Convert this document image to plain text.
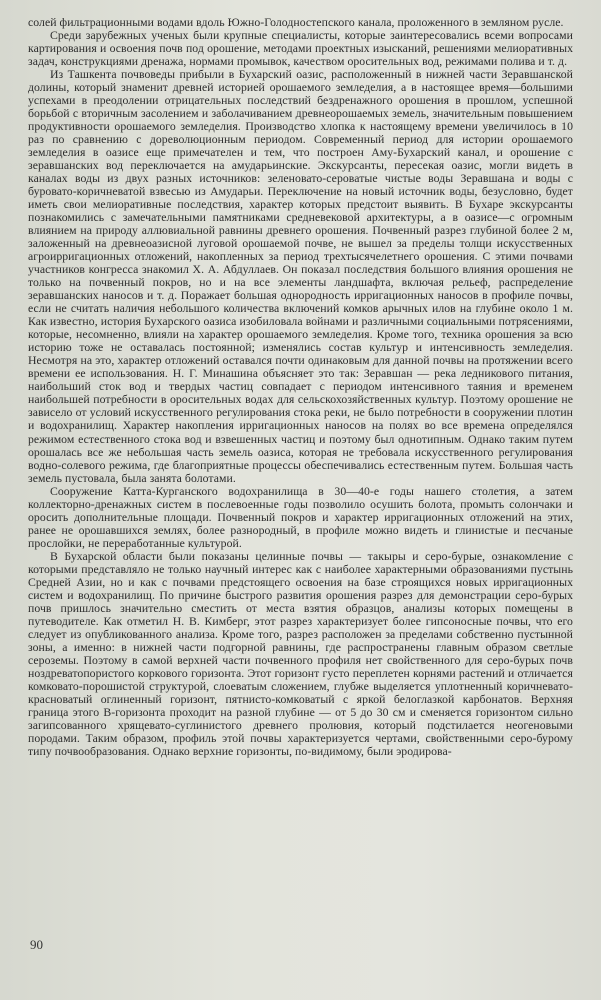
солей фильтрационными водами вдоль Южно-Голодностепского канала, проложенного в земляном русле.

Среди зарубежных ученых были крупные специалисты, которые заинтересовались всеми вопросами картирования и освоения почв под орошение, методами проектных изысканий, решениями мелиоративных задач, конструкциями дренажа, нормами промывок, качеством оросительных вод, режимами полива и т. д.

Из Ташкента почвоведы прибыли в Бухарский оазис, расположенный в нижней части Зеравшанской долины, который знаменит древней историей орошаемого земледелия, а в настоящее время—большими успехами в преодолении отрицательных последствий бездренажного орошения в прошлом, успешной борьбой с вторичным засолением и заболачиванием древнеорошаемых земель, значительным повышением продуктивности орошаемого земледелия. Производство хлопка к настоящему времени увеличилось в 10 раз по сравнению с дореволюционным периодом. Современный период для истории орошаемого земледелия в оазисе еще примечателен и тем, что построен Аму-Бухарский канал, и орошение с зеравшанских вод переключается на амударьинские. Экскурсанты, пересекая оазис, могли видеть в каналах воды из двух разных источников: зеленовато-сероватые чистые воды Зеравшана и воды с буровато-коричневатой взвесью из Амударьи. Переключение на новый источник воды, безусловно, будет иметь свои мелиоративные последствия, характер которых предстоит выявить. В Бухаре экскурсанты познакомились с замечательными памятниками средневековой архитектуры, а в оазисе—с огромным влиянием на природу аллювиальной равнины древнего орошения. Почвенный разрез глубиной более 2 м, заложенный на древнеоазисной луговой орошаемой почве, не вышел за пределы толщи искусственных агроирригационных отложений, накопленных за период трехтысячелетнего орошения. С этими почвами участников конгресса знакомил Х. А. Абдуллаев. Он показал последствия большого влияния орошения не только на почвенный покров, но и на все элементы ландшафта, включая рельеф, распределение зеравшанских наносов и т. д. Поражает большая однородность ирригационных наносов в профиле почвы, если не считать наличия небольшого количества включений комков арычных илов на глубине около 1 м. Как известно, история Бухарского оазиса изобиловала войнами и различными социальными потрясениями, которые, несомненно, влияли на характер орошаемого земледелия. Кроме того, техника орошения за всю историю тоже не оставалась постоянной; изменялись состав культур и интенсивность земледелия. Несмотря на это, характер отложений оставался почти одинаковым для данной почвы на протяжении всего времени ее использования. Н. Г. Минашина объясняет это так: Зеравшан — река ледникового питания, наибольший сток вод и твердых частиц совпадает с периодом интенсивного таяния и временем наибольшей потребности в оросительных водах для сельскохозяйственных культур. Поэтому орошение не зависело от условий искусственного регулирования стока реки, не было потребности в сооружении плотин и водохранилищ. Характер накопления ирригационных наносов на полях во все времена определялся режимом естественного стока вод и взвешенных частиц и поэтому был однотипным. Однако таким путем орошалась все же небольшая часть земель оазиса, которая не требовала искусственного регулирования водно-солевого режима, где благоприятные процессы обеспечивались естественным путем. Большая часть земель пустовала, была занята болотами.

Сооружение Катта-Курганского водохранилища в 30—40-е годы нашего столетия, а затем коллекторно-дренажных систем в послевоенные годы позволило осушить болота, промыть солончаки и оросить дополнительные площади. Почвенный покров и характер ирригационных отложений на этих, ранее не орошавшихся землях, более разнородный, в профиле можно видеть и глинистые и песчаные прослойки, не переработанные культурой.

В Бухарской области были показаны целинные почвы — такыры и серо-бурые, ознакомление с которыми представляло не только научный интерес как с наиболее характерными образованиями пустынь Средней Азии, но и как с почвами предстоящего освоения на базе строящихся новых ирригационных систем и водохранилищ. По причине быстрого развития орошения разрез для демонстрации серо-бурых почв пришлось значительно сместить от места взятия образцов, анализы которых помещены в путеводителе. Как отметил Н. В. Кимберг, этот разрез характеризует более гипсоносные почвы, что его следует из опубликованного анализа. Кроме того, разрез расположен за пределами собственно пустынной зоны, а именно: в нижней части подгорной равнины, где распространены главным образом светлые сероземы. Поэтому в самой верхней части почвенного профиля нет свойственного для серо-бурых почв ноздреватопористого коркового горизонта. Этот горизонт густо переплетен корнями растений и отличается комковато-порошистой структурой, слоеватым сложением, глубже выделяется уплотненный коричневато-красноватый оглиненный горизонт, пятнисто-комковатый с яркой белоглазкой карбонатов. Верхняя граница этого В-горизонта проходит на разной глубине — от 5 до 30 см и сменяется горизонтом сильно загипсованного хрящевато-суглинистого древнего пролювия, который подстилается неогеновыми породами. Таким образом, профиль этой почвы характеризуется чертами, свойственными серо-бурому типу почвообразования. Однако верхние горизонты, по-видимому, были эродирова-

90
